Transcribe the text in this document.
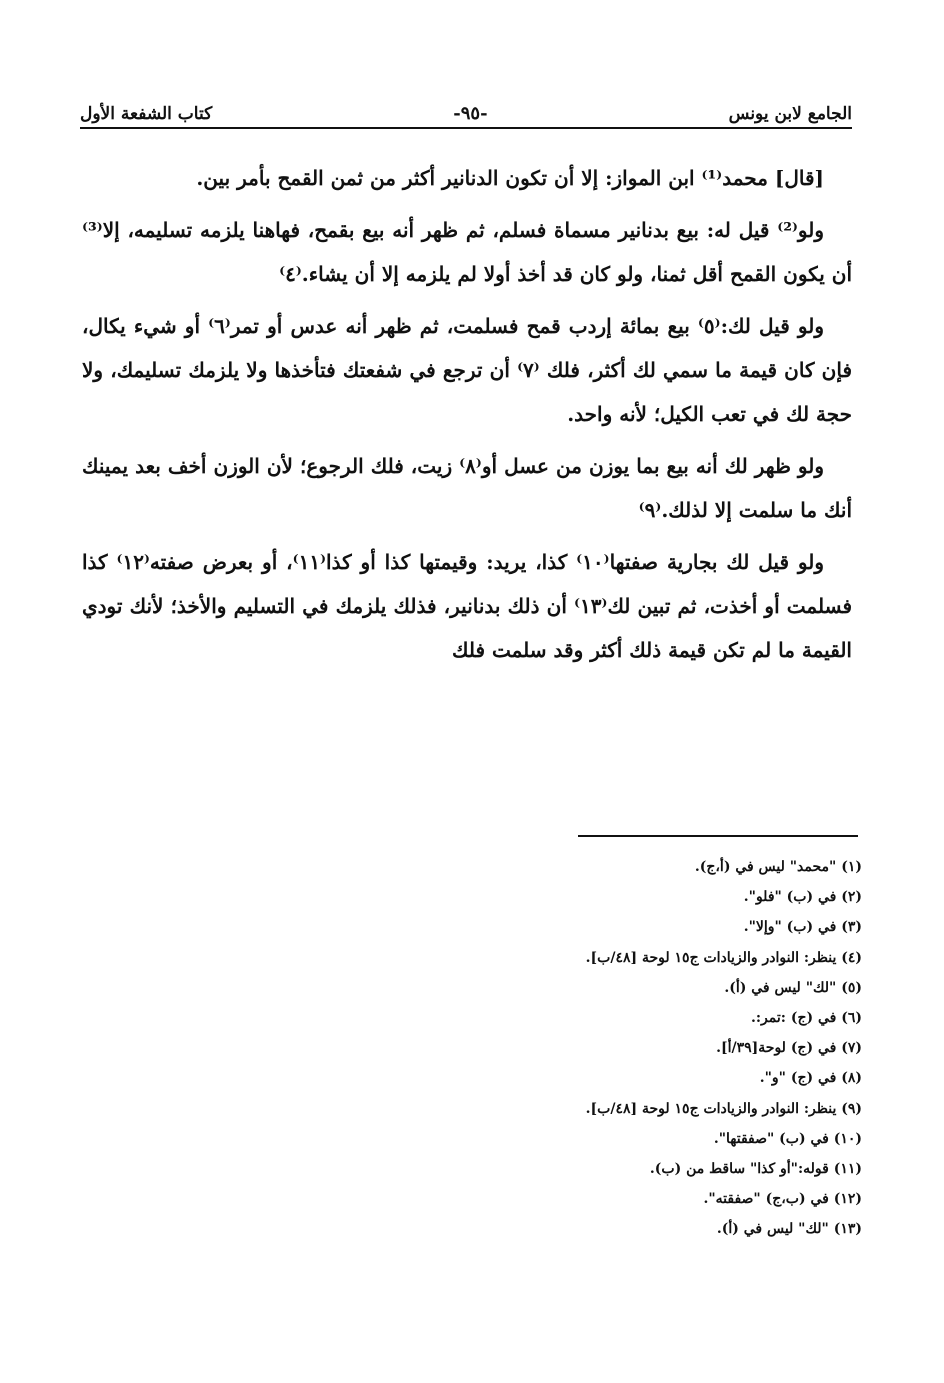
الجامع لابن يونس
-٩٥-
كتاب الشفعة الأول

[قال] محمد⁽¹⁾ ابن المواز: إلا أن تكون الدنانير أكثر من ثمن القمح بأمر بين.

ولو⁽²⁾ قيل له: بيع بدنانير مسماة فسلم، ثم ظهر أنه بيع بقمح، فهاهنا يلزمه تسليمه، إلا⁽³⁾ أن يكون القمح أقل ثمنا، ولو كان قد أخذ أولا لم يلزمه إلا أن يشاء.⁽٤⁾

ولو قيل لك:⁽٥⁾ بيع بمائة إردب قمح فسلمت، ثم ظهر أنه عدس أو تمر⁽٦⁾ أو شيء يكال، فإن كان قيمة ما سمي لك أكثر، فلك ⁽٧⁾ أن ترجع في شفعتك فتأخذها ولا يلزمك تسليمك، ولا حجة لك في تعب الكيل؛ لأنه واحد.

ولو ظهر لك أنه بيع بما يوزن من عسل أو⁽٨⁾ زيت، فلك الرجوع؛ لأن الوزن أخف بعد يمينك أنك ما سلمت إلا لذلك.⁽٩⁾

ولو قيل لك بجارية صفتها⁽١٠⁾ كذا، يريد: وقيمتها كذا أو كذا⁽١١⁾، أو بعرض صفته⁽١٢⁾ كذا فسلمت أو أخذت، ثم تبين لك⁽١٣⁾ أن ذلك بدنانير، فذلك يلزمك في التسليم والأخذ؛ لأنك تودي القيمة ما لم تكن قيمة ذلك أكثر وقد سلمت فلك

(١) "محمد" ليس في (أ،ج).
(٢) في (ب) "فلو".
(٣) في (ب) "وإلا".
(٤) ينظر: النوادر والزيادات ج١٥ لوحة [٤٨/ب].
(٥) "لك" ليس في (أ).
(٦) في (ج) :تمر:.
(٧) في (ج) لوحة[٣٩/أ].
(٨) في (ج) "و".
(٩) ينظر: النوادر والزيادات ج١٥ لوحة [٤٨/ب].
(١٠) في (ب) "صفقتها".
(١١) قوله:"أو كذا" ساقط من (ب).
(١٢) في (ب،ج) "صفقته".
(١٣) "لك" ليس في (أ).
